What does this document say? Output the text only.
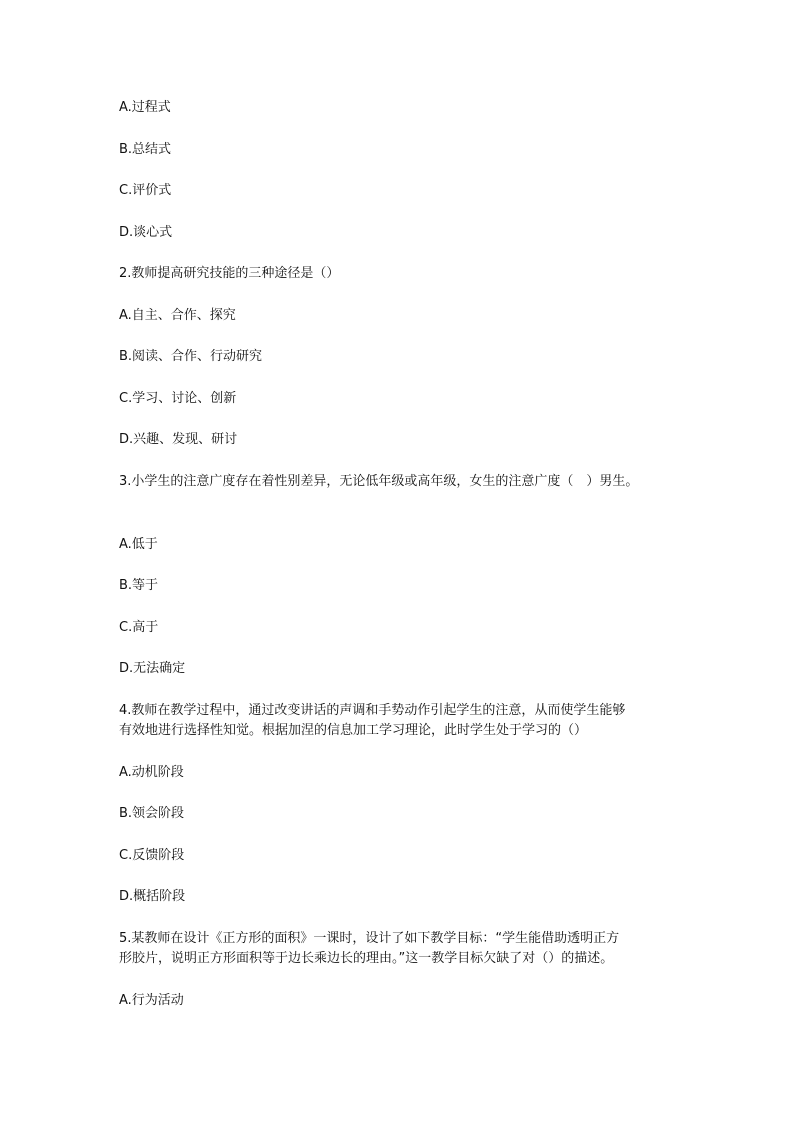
A.过程式

B.总结式

C.评价式

D.谈心式

2.教师提高研究技能的三种途径是（）

A.自主、合作、探究

B.阅读、合作、行动研究

C.学习、讨论、创新

D.兴趣、发现、研讨

3.小学生的注意广度存在着性别差异，无论低年级或高年级，女生的注意广度（　）男生。

A.低于

B.等于

C.高于

D.无法确定

4.教师在教学过程中，通过改变讲话的声调和手势动作引起学生的注意，从而使学生能够

有效地进行选择性知觉。根据加涅的信息加工学习理论，此时学生处于学习的（）

A.动机阶段

B.领会阶段

C.反馈阶段

D.概括阶段

5.某教师在设计《正方形的面积》一课时，设计了如下教学目标：“学生能借助透明正方

形胶片，说明正方形面积等于边长乘边长的理由。”这一教学目标欠缺了对（）的描述。

A.行为活动
